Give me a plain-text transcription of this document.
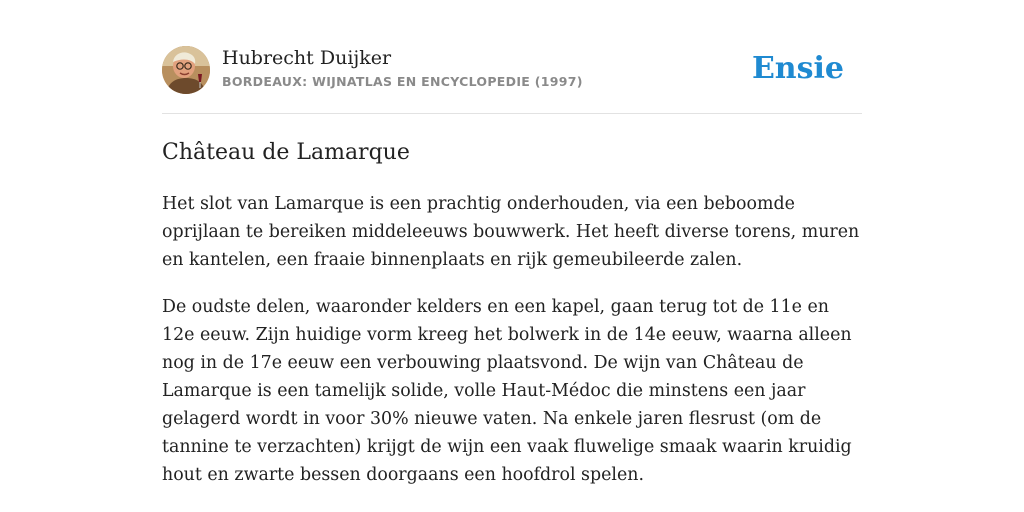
Hubrecht Duijker
BORDEAUX: WIJNATLAS EN ENCYCLOPEDIE (1997)	Ensie
Château de Lamarque

Het slot van Lamarque is een prachtig onderhouden, via een beboomde oprijlaan te bereiken middeleeuws bouwwerk. Het heeft diverse torens, muren en kantelen, een fraaie binnenplaats en rijk gemeubileerde zalen.

De oudste delen, waaronder kelders en een kapel, gaan terug tot de 11e en 12e eeuw. Zijn huidige vorm kreeg het bolwerk in de 14e eeuw, waarna alleen nog in de 17e eeuw een verbouwing plaatsvond. De wijn van Château de Lamarque is een tamelijk solide, volle Haut-Médoc die minstens een jaar gelagerd wordt in voor 30% nieuwe vaten. Na enkele jaren flesrust (om de tannine te verzachten) krijgt de wijn een vaak fluwelige smaak waarin kruidig hout en zwarte bessen doorgaans een hoofdrol spelen.
